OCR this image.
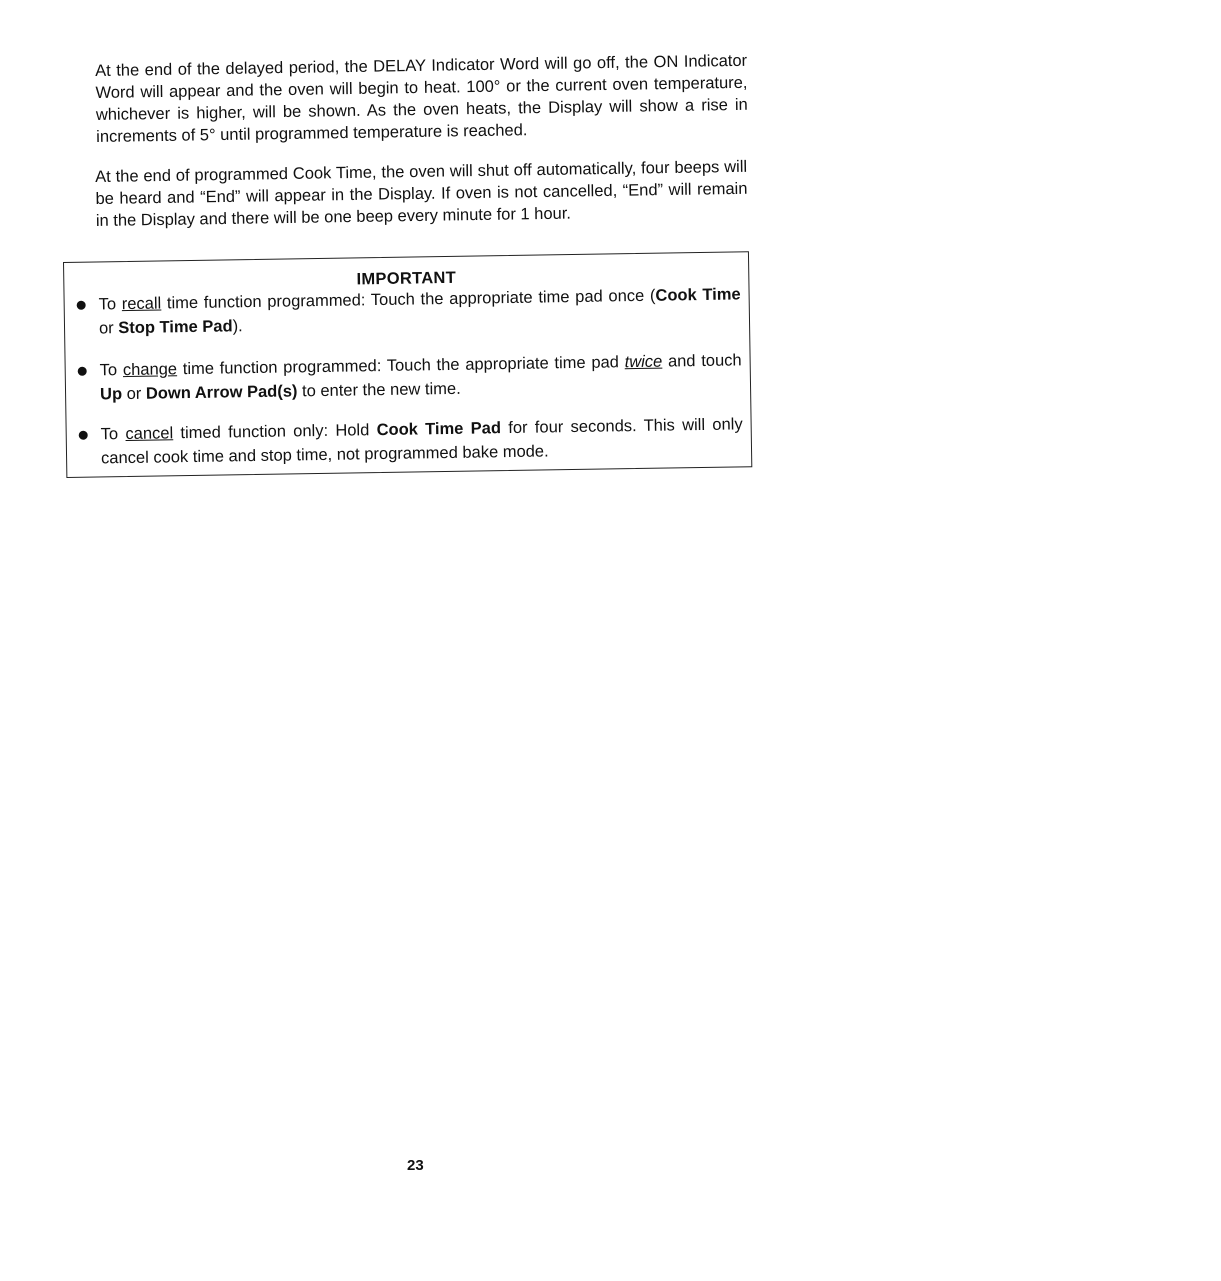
At the end of the delayed period, the DELAY Indicator Word will go off, the ON Indicator Word will appear and the oven will begin to heat. 100° or the current oven temperature, whichever is higher, will be shown. As the oven heats, the Display will show a rise in increments of 5° until programmed temperature is reached.

At the end of programmed Cook Time, the oven will shut off automatically, four beeps will be heard and “End” will appear in the Display. If oven is not cancelled, “End” will remain in the Display and there will be one beep every minute for 1 hour.

IMPORTANT

To recall time function programmed: Touch the appropriate time pad once (Cook Time or Stop Time Pad).
To change time function programmed: Touch the appropriate time pad twice and touch Up or Down Arrow Pad(s) to enter the new time.
To cancel timed function only: Hold Cook Time Pad for four seconds. This will only cancel cook time and stop time, not programmed bake mode.

23
